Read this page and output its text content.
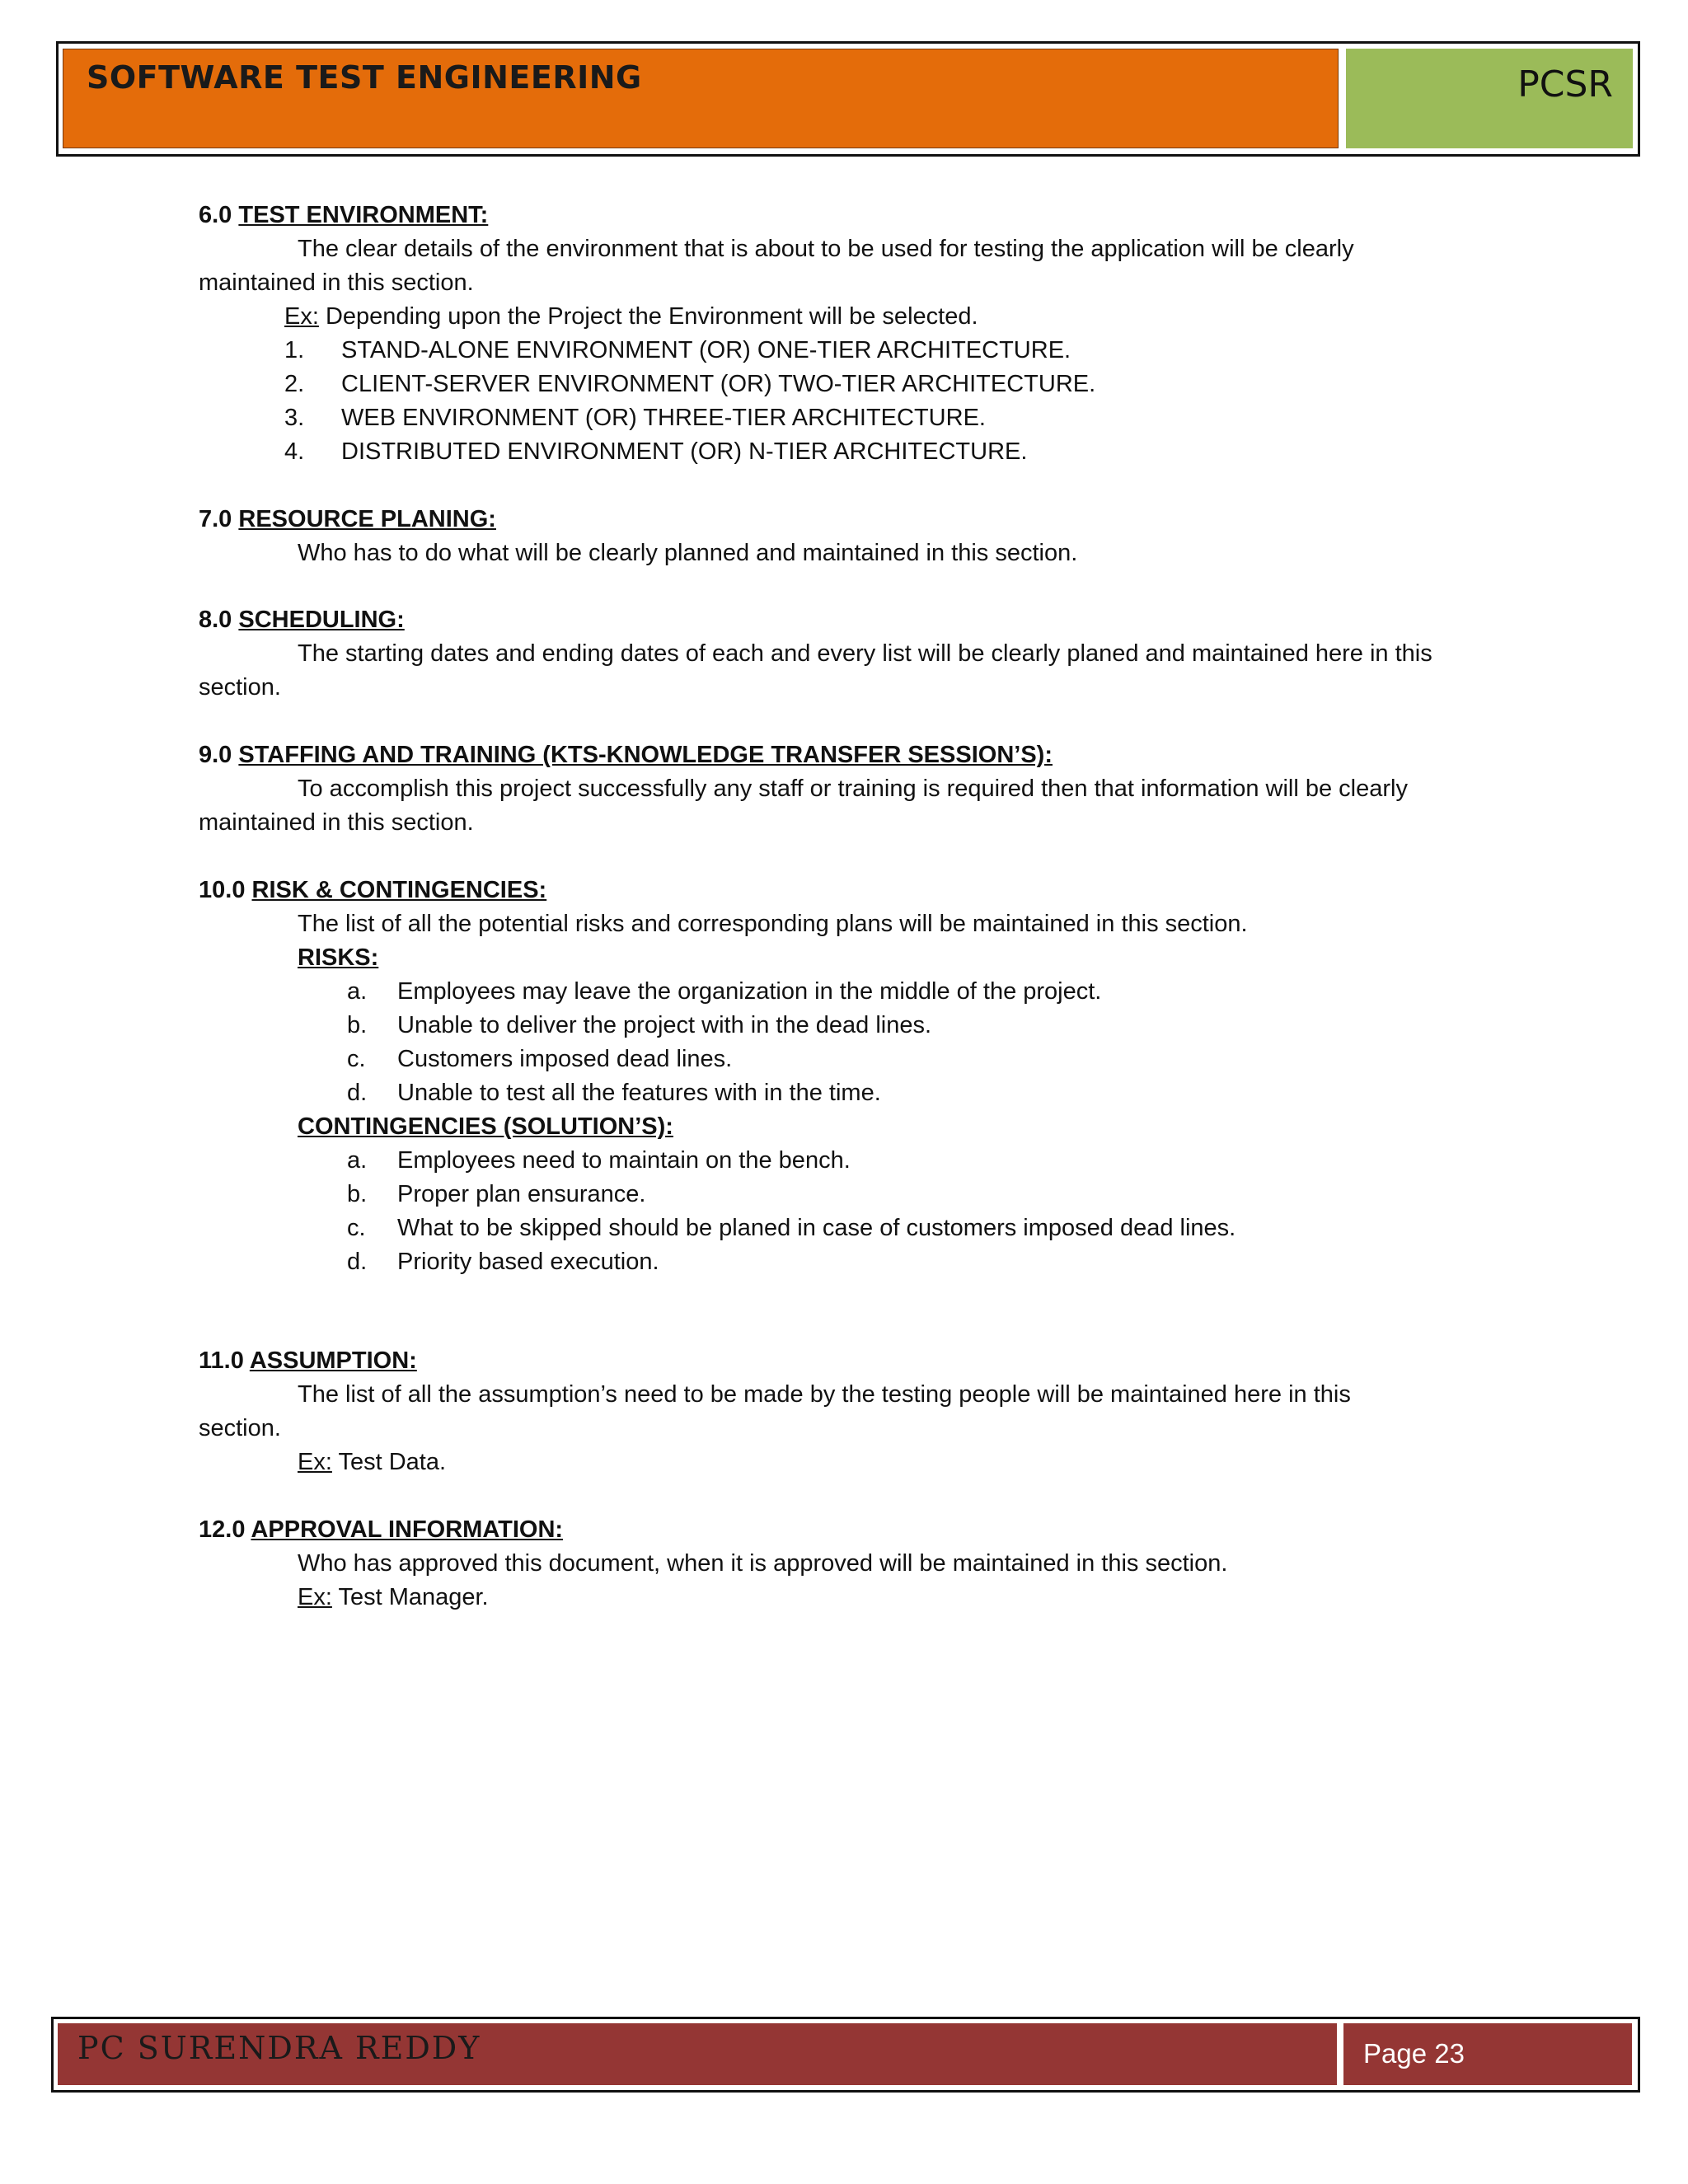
SOFTWARE TEST ENGINEERING	PCSR
6.0 TEST ENVIRONMENT:
The clear details of the environment that is about to be used for testing the application will be clearly
maintained in this section.
Ex: Depending upon the Project the Environment will be selected.
1. STAND-ALONE ENVIRONMENT (OR) ONE-TIER ARCHITECTURE.
2. CLIENT-SERVER ENVIRONMENT (OR) TWO-TIER ARCHITECTURE.
3. WEB ENVIRONMENT (OR) THREE-TIER ARCHITECTURE.
4. DISTRIBUTED ENVIRONMENT (OR) N-TIER ARCHITECTURE.
7.0 RESOURCE PLANING:
Who has to do what will be clearly planned and maintained in this section.
8.0 SCHEDULING:
The starting dates and ending dates of each and every list will be clearly planed and maintained here in this
section.
9.0 STAFFING AND TRAINING (KTS-KNOWLEDGE TRANSFER SESSION’S):
To accomplish this project successfully any staff or training is required then that information will be clearly
maintained in this section.
10.0 RISK & CONTINGENCIES:
The list of all the potential risks and corresponding plans will be maintained in this section.
RISKS:
a. Employees may leave the organization in the middle of the project.
b. Unable to deliver the project with in the dead lines.
c. Customers imposed dead lines.
d. Unable to test all the features with in the time.
CONTINGENCIES (SOLUTION’S):
a. Employees need to maintain on the bench.
b. Proper plan ensurance.
c. What to be skipped should be planed in case of customers imposed dead lines.
d. Priority based execution.
11.0 ASSUMPTION:
The list of all the assumption’s need to be made by the testing people will be maintained here in this
section.
Ex: Test Data.
12.0 APPROVAL INFORMATION:
Who has approved this document, when it is approved will be maintained in this section.
Ex: Test Manager.
PC SURENDRA REDDY	Page 23
